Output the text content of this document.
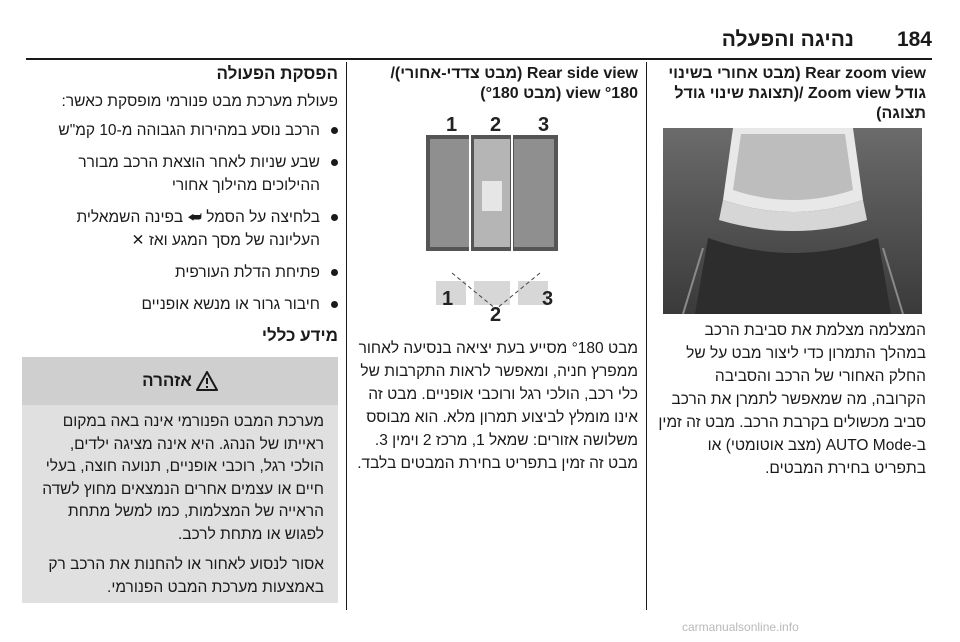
184
נהיגה והפעלה

Rear zoom view (מבט אחורי בשינוי גודל Zoom view /(תצוגת שינוי גודל תצוגה)

המצלמה מצלמת את סביבת הרכב במהלך התמרון כדי ליצור מבט על של החלק האחורי של הרכב והסביבה הקרובה, מה שמאפשר לתמרן את הרכב סביב מכשולים בקרבת הרכב. מבט זה זמין ב-AUTO Mode (מצב אוטומטי) או בתפריט בחירת המבטים.

Rear side view (מבט צדדי-אחורי)/ °180 view (מבט °180)

1 2 3
1
2
3

מבט °180 מסייע בעת יציאה בנסיעה לאחור ממפרץ חניה, ומאפשר לראות התקרבות של כלי רכב, הולכי רגל ורוכבי אופניים. מבט זה אינו מומלץ לביצוע תמרון מלא. הוא מבוסס משלושה אזורים: שמאל 1, מרכז 2 וימין 3. מבט זה זמין בתפריט בחירת המבטים בלבד.

הפסקת הפעולה

פעולת מערכת מבט פנורמי מופסקת כאשר:

הרכב נוסע במהירות הגבוהה מ-10 קמ"ש
שבע שניות לאחר הוצאת הרכב מבורר ההילוכים מהילוך אחורי
בלחיצה על הסמל ⮨ בפינה השמאלית העליונה של מסך המגע ואז ✕
פתיחת הדלת העורפית
חיבור גרור או מנשא אופניים
מידע כללי
אזהרה

מערכת המבט הפנורמי אינה באה במקום ראייתו של הנהג. היא אינה מציגה ילדים, הולכי רגל, רוכבי אופניים, תנועה חוצה, בעלי חיים או עצמים אחרים הנמצאים מחוץ לשדה הראייה של המצלמות, כמו למשל מתחת לפגוש או מתחת לרכב.

אסור לנסוע לאחור או להחנות את הרכב רק באמצעות מערכת המבט הפנורמי.

carmanualsonline.info
